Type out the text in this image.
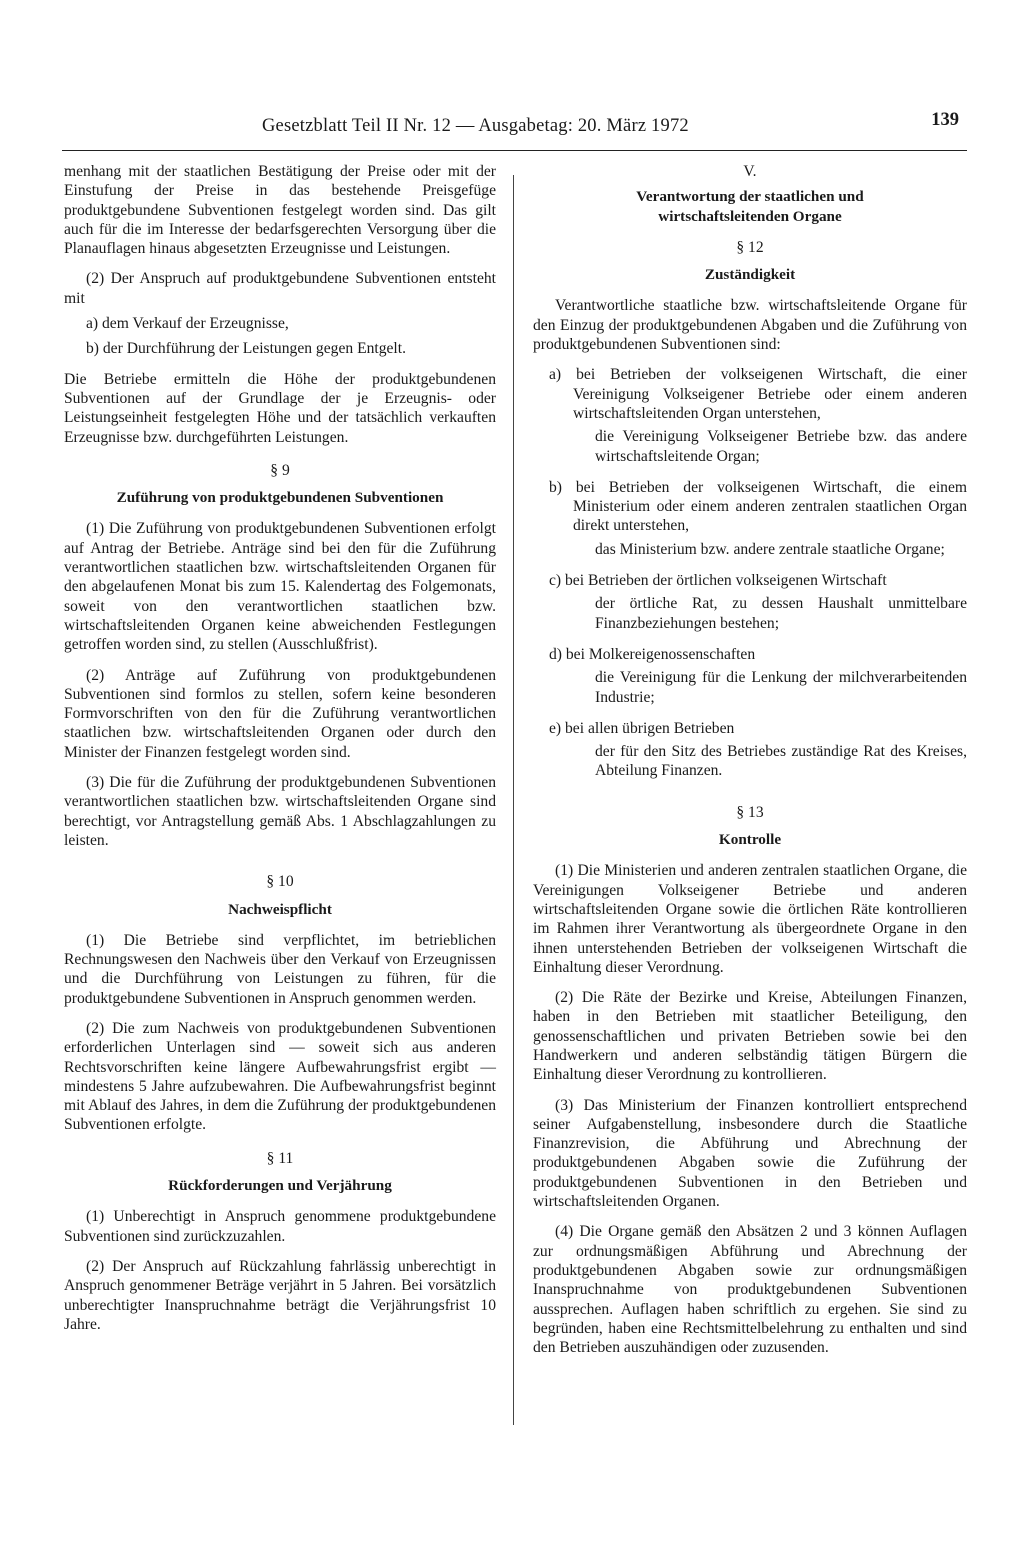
Gesetzblatt Teil II Nr. 12 — Ausgabetag: 20. März 1972	139

menhang mit der staatlichen Bestätigung der Preise oder mit der Einstufung der Preise in das bestehende Preisgefüge produktgebundene Subventionen festgelegt worden sind. Das gilt auch für die im Interesse der bedarfsgerechten Versorgung über die Planauflagen hinaus abgesetzten Erzeugnisse und Leistungen.

(2) Der Anspruch auf produktgebundene Subventionen entsteht mit

a) dem Verkauf der Erzeugnisse,

b) der Durchführung der Leistungen gegen Entgelt.

Die Betriebe ermitteln die Höhe der produktgebundenen Subventionen auf der Grundlage der je Erzeugnis- oder Leistungseinheit festgelegten Höhe und der tatsächlich verkauften Erzeugnisse bzw. durchgeführten Leistungen.

§ 9

Zuführung von produktgebundenen Subventionen

(1) Die Zuführung von produktgebundenen Subventionen erfolgt auf Antrag der Betriebe. Anträge sind bei den für die Zuführung verantwortlichen staatlichen bzw. wirtschaftsleitenden Organen für den abgelaufenen Monat bis zum 15. Kalendertag des Folgemonats, soweit von den verantwortlichen staatlichen bzw. wirtschaftsleitenden Organen keine abweichenden Festlegungen getroffen worden sind, zu stellen (Ausschlußfrist).

(2) Anträge auf Zuführung von produktgebundenen Subventionen sind formlos zu stellen, sofern keine besonderen Formvorschriften von den für die Zuführung verantwortlichen staatlichen bzw. wirtschaftsleitenden Organen oder durch den Minister der Finanzen festgelegt worden sind.

(3) Die für die Zuführung der produktgebundenen Subventionen verantwortlichen staatlichen bzw. wirtschaftsleitenden Organe sind berechtigt, vor Antragstellung gemäß Abs. 1 Abschlagzahlungen zu leisten.

§ 10

Nachweispflicht

(1) Die Betriebe sind verpflichtet, im betrieblichen Rechnungswesen den Nachweis über den Verkauf von Erzeugnissen und die Durchführung von Leistungen zu führen, für die produktgebundene Subventionen in Anspruch genommen werden.

(2) Die zum Nachweis von produktgebundenen Subventionen erforderlichen Unterlagen sind — soweit sich aus anderen Rechtsvorschriften keine längere Aufbewahrungsfrist ergibt — mindestens 5 Jahre aufzubewahren. Die Aufbewahrungsfrist beginnt mit Ablauf des Jahres, in dem die Zuführung der produktgebundenen Subventionen erfolgte.

§ 11

Rückforderungen und Verjährung

(1) Unberechtigt in Anspruch genommene produktgebundene Subventionen sind zurückzuzahlen.

(2) Der Anspruch auf Rückzahlung fahrlässig unberechtigt in Anspruch genommener Beträge verjährt in 5 Jahren. Bei vorsätzlich unberechtigter Inanspruchnahme beträgt die Verjährungsfrist 10 Jahre.

V.

Verantwortung der staatlichen und wirtschaftsleitenden Organe

§ 12

Zuständigkeit

Verantwortliche staatliche bzw. wirtschaftsleitende Organe für den Einzug der produktgebundenen Abgaben und die Zuführung von produktgebundenen Subventionen sind:

a) bei Betrieben der volkseigenen Wirtschaft, die einer Vereinigung Volkseigener Betriebe oder einem anderen wirtschaftsleitenden Organ unterstehen,

die Vereinigung Volkseigener Betriebe bzw. das andere wirtschaftsleitende Organ;

b) bei Betrieben der volkseigenen Wirtschaft, die einem Ministerium oder einem anderen zentralen staatlichen Organ direkt unterstehen,

das Ministerium bzw. andere zentrale staatliche Organe;

c) bei Betrieben der örtlichen volkseigenen Wirtschaft

der örtliche Rat, zu dessen Haushalt unmittelbare Finanzbeziehungen bestehen;

d) bei Molkereigenossenschaften

die Vereinigung für die Lenkung der milchverarbeitenden Industrie;

e) bei allen übrigen Betrieben

der für den Sitz des Betriebes zuständige Rat des Kreises, Abteilung Finanzen.

§ 13

Kontrolle

(1) Die Ministerien und anderen zentralen staatlichen Organe, die Vereinigungen Volkseigener Betriebe und anderen wirtschaftsleitenden Organe sowie die örtlichen Räte kontrollieren im Rahmen ihrer Verantwortung als übergeordnete Organe in den ihnen unterstehenden Betrieben der volkseigenen Wirtschaft die Einhaltung dieser Verordnung.

(2) Die Räte der Bezirke und Kreise, Abteilungen Finanzen, haben in den Betrieben mit staatlicher Beteiligung, den genossenschaftlichen und privaten Betrieben sowie bei den Handwerkern und anderen selbständig tätigen Bürgern die Einhaltung dieser Verordnung zu kontrollieren.

(3) Das Ministerium der Finanzen kontrolliert entsprechend seiner Aufgabenstellung, insbesondere durch die Staatliche Finanzrevision, die Abführung und Abrechnung der produktgebundenen Abgaben sowie die Zuführung der produktgebundenen Subventionen in den Betrieben und wirtschaftsleitenden Organen.

(4) Die Organe gemäß den Absätzen 2 und 3 können Auflagen zur ordnungsmäßigen Abführung und Abrechnung der produktgebundenen Abgaben sowie zur ordnungsmäßigen Inanspruchnahme von produktgebundenen Subventionen aussprechen. Auflagen haben schriftlich zu ergehen. Sie sind zu begründen, haben eine Rechtsmittelbelehrung zu enthalten und sind den Betrieben auszuhändigen oder zuzusenden.
